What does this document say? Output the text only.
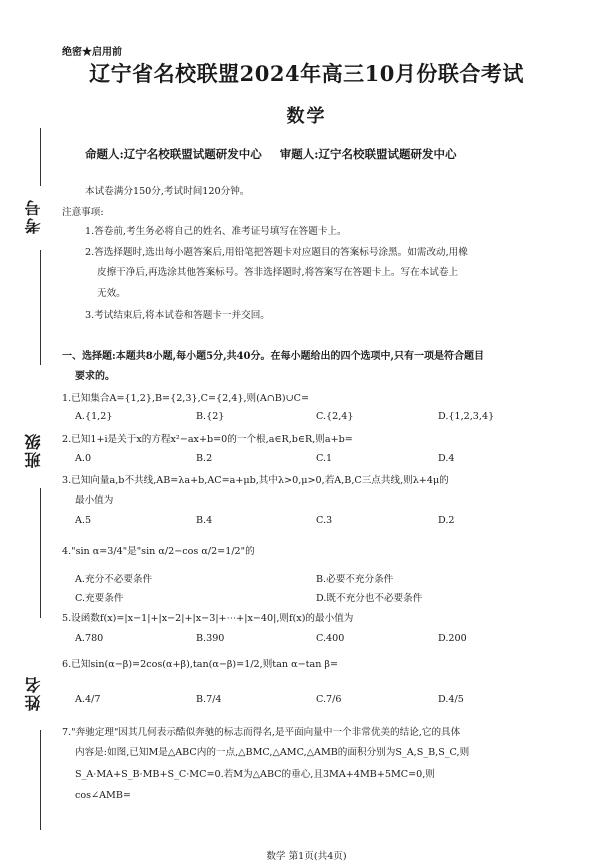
考号
班级
姓名
绝密★启用前
辽宁省名校联盟2024年高三10月份联合考试
数学
命题人:辽宁名校联盟试题研发中心 审题人:辽宁名校联盟试题研发中心
本试卷满分150分,考试时间120分钟。
注意事项:
1.答卷前,考生务必将自己的姓名、准考证号填写在答题卡上。
2.答选择题时,选出每小题答案后,用铅笔把答题卡对应题目的答案标号涂黑。如需改动,用橡
皮擦干净后,再选涂其他答案标号。答非选择题时,将答案写在答题卡上。写在本试卷上
无效。
3.考试结束后,将本试卷和答题卡一并交回。
一、选择题:本题共8小题,每小题5分,共40分。在每小题给出的四个选项中,只有一项是符合题目
要求的。
1.已知集合A={1,2},B={2,3},C={2,4},则(A∩B)∪C=
A.{1,2}	B.{2}	C.{2,4}	D.{1,2,3,4}
2.已知1+i是关于x的方程x²−ax+b=0的一个根,a∈R,b∈R,则a+b=
A.0	B.2	C.1	D.4
3.已知向量a,b不共线,AB=λa+b,AC=a+μb,其中λ>0,μ>0,若A,B,C三点共线,则λ+4μ的
最小值为
A.5	B.4	C.3	D.2
4."sin α=3/4"是"sin α/2−cos α/2=1/2"的
A.充分不必要条件	B.必要不充分条件
C.充要条件	D.既不充分也不必要条件
5.设函数f(x)=|x−1|+|x−2|+|x−3|+⋯+|x−40|,则f(x)的最小值为
A.780	B.390	C.400	D.200
6.已知sin(α−β)=2cos(α+β),tan(α−β)=1/2,则tan α−tan β=
A.4/7	B.7/4	C.7/6	D.4/5
7."奔驰定理"因其几何表示酷似奔驰的标志而得名,是平面向量中一个非常优美的结论,它的具体
内容是:如图,已知M是△ABC内的一点,△BMC,△AMC,△AMB的面积分别为S_A,S_B,S_C,则
S_A·MA+S_B·MB+S_C·MC=0.若M为△ABC的垂心,且3MA+4MB+5MC=0,则
cos∠AMB=
数学 第1页(共4页)
